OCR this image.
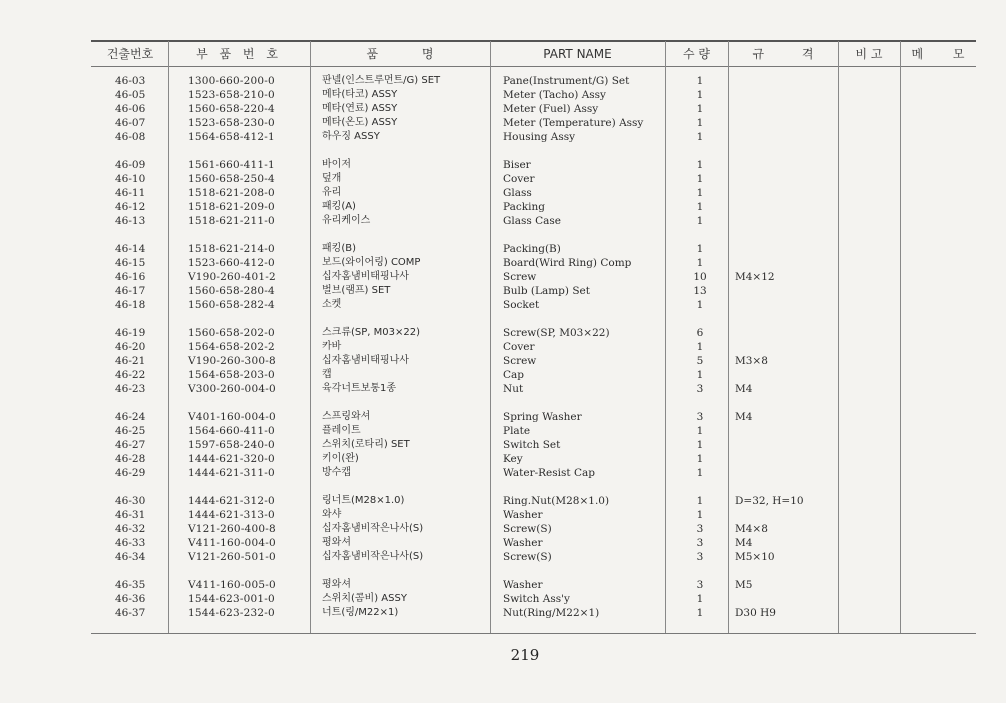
건출번호	부 품 번 호	품 명	PART NAME	수 량	규 격	비 고	메 모
46-03	1300-660-200-0	판넬(인스트루먼트/G) SET	Pane(Instrument/G) Set	1
46-05	1523-658-210-0	메타(타코) ASSY	Meter (Tacho) Assy	1
46-06	1560-658-220-4	메타(연료) ASSY	Meter (Fuel) Assy	1
46-07	1523-658-230-0	메타(온도) ASSY	Meter (Temperature) Assy	1
46-08	1564-658-412-1	하우징 ASSY	Housing Assy	1
46-09	1561-660-411-1	바이저	Biser	1
46-10	1560-658-250-4	덮개	Cover	1
46-11	1518-621-208-0	유리	Glass	1
46-12	1518-621-209-0	패킹(A)	Packing	1
46-13	1518-621-211-0	유리케이스	Glass Case	1
46-14	1518-621-214-0	패킹(B)	Packing(B)	1
46-15	1523-660-412-0	보드(와이어링) COMP	Board(Wird Ring) Comp	1
46-16	V190-260-401-2	십자홈냄비태핑나사	Screw	10	M4×12
46-17	1560-658-280-4	벌브(램프) SET	Bulb (Lamp) Set	13
46-18	1560-658-282-4	소켓	Socket	1
46-19	1560-658-202-0	스크류(SP, M03×22)	Screw(SP, M03×22)	6
46-20	1564-658-202-2	카바	Cover	1
46-21	V190-260-300-8	십자홈냄비태핑나사	Screw	5	M3×8
46-22	1564-658-203-0	캡	Cap	1
46-23	V300-260-004-0	육각너트보통1종	Nut	3	M4
46-24	V401-160-004-0	스프링와셔	Spring Washer	3	M4
46-25	1564-660-411-0	플레이트	Plate	1
46-27	1597-658-240-0	스위치(로타리) SET	Switch Set	1
46-28	1444-621-320-0	키이(완)	Key	1
46-29	1444-621-311-0	방수캡	Water-Resist Cap	1
46-30	1444-621-312-0	링너트(M28×1.0)	Ring.Nut(M28×1.0)	1	D=32, H=10
46-31	1444-621-313-0	와샤	Washer	1
46-32	V121-260-400-8	십자홈냄비작은나사(S)	Screw(S)	3	M4×8
46-33	V411-160-004-0	평와셔	Washer	3	M4
46-34	V121-260-501-0	십자홈냄비작은나사(S)	Screw(S)	3	M5×10
46-35	V411-160-005-0	평와셔	Washer	3	M5
46-36	1544-623-001-0	스위치(콤비) ASSY	Switch Ass'y	1
46-37	1544-623-232-0	너트(링/M22×1)	Nut(Ring/M22×1)	1	D30 H9
219
